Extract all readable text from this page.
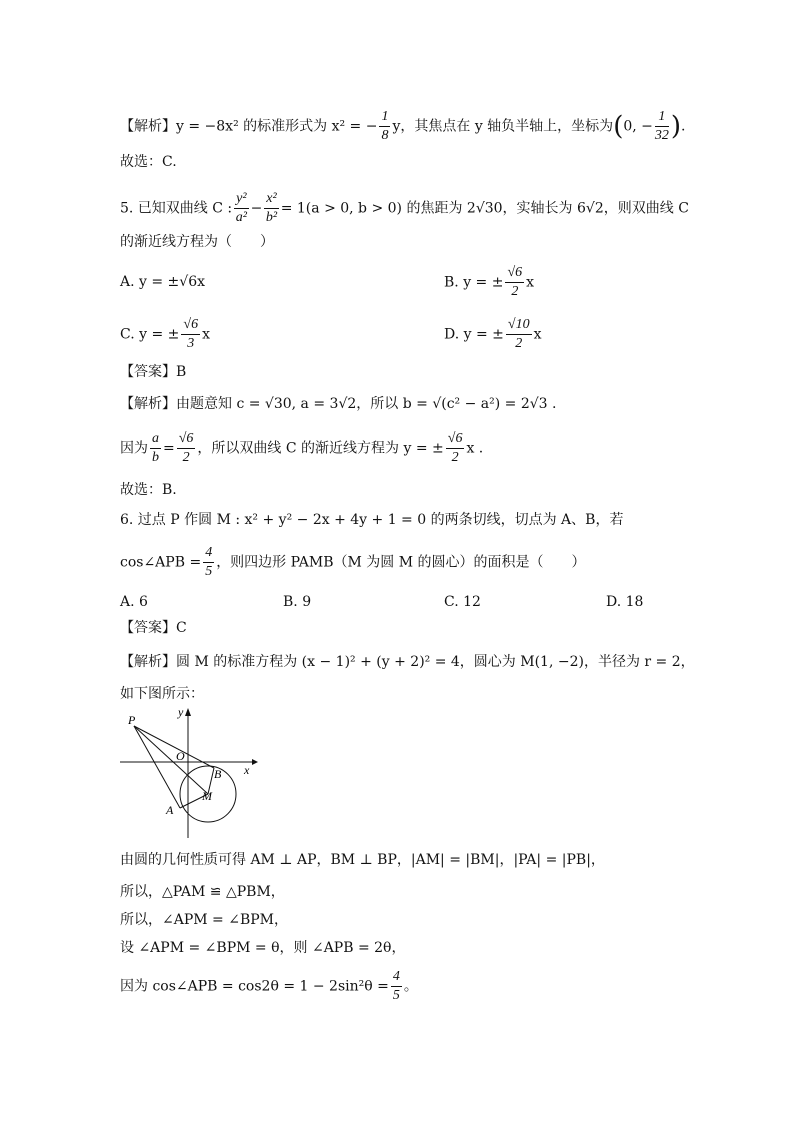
【解析】y = −8x² 的标准形式为 x² = − $\frac{1}{8}$ y，其焦点在 y 轴负半轴上，坐标为(0, − $\frac{1}{32}$ ).
故选：C.
5. 已知双曲线 C : $\frac{\text{y²}}{\text{a²}} - \frac{\text{x²}}{\text{b²}} = 1(a > 0$, b > 0) 的焦距为 2√30，实轴长为 6√2，则双曲线 C
的渐近线方程为（　　）
A. y = ±√6x	B. y = ± $\frac{√6}{2}$ x
C. y = ± $\frac{√6}{3}$ x	D. y = ± $\frac{√10}{2}$ x
【答案】B
【解析】由题意知 c = √30, a = 3√2，所以 b = √(c² − a²) = 2√3 .
因为 $\frac{a}{b} = \frac{√6}{2}$ ，所以双曲线 C 的渐近线方程为 y = ± $\frac{√6}{2}$ x .
故选：B.
6. 过点 P 作圆 M : x² + y² − 2x + 4y + 1 = 0 的两条切线，切点为 A、B，若
cos∠APB = $\frac{4}{5}$ ，则四边形 PAMB（M 为圆 M 的圆心）的面积是（　　）
A. 6	B. 9	C. 12	D. 18
【答案】C
【解析】圆 M 的标准方程为 (x − 1)² + (y + 2)² = 4，圆心为 M(1, −2)，半径为 r = 2，
如下图所示：
P
O
x
y
A
B
M
由圆的几何性质可得 AM ⊥ AP，BM ⊥ BP，|AM| = |BM|，|PA| = |PB|，
所以，△PAM ≌ △PBM，
所以，∠APM = ∠BPM，
设 ∠APM = ∠BPM = θ，则 ∠APB = 2θ，
因为 cos∠APB = $\cos 2\theta = 1 - 2\sin^2\theta = \frac{4}{5}$ 。
